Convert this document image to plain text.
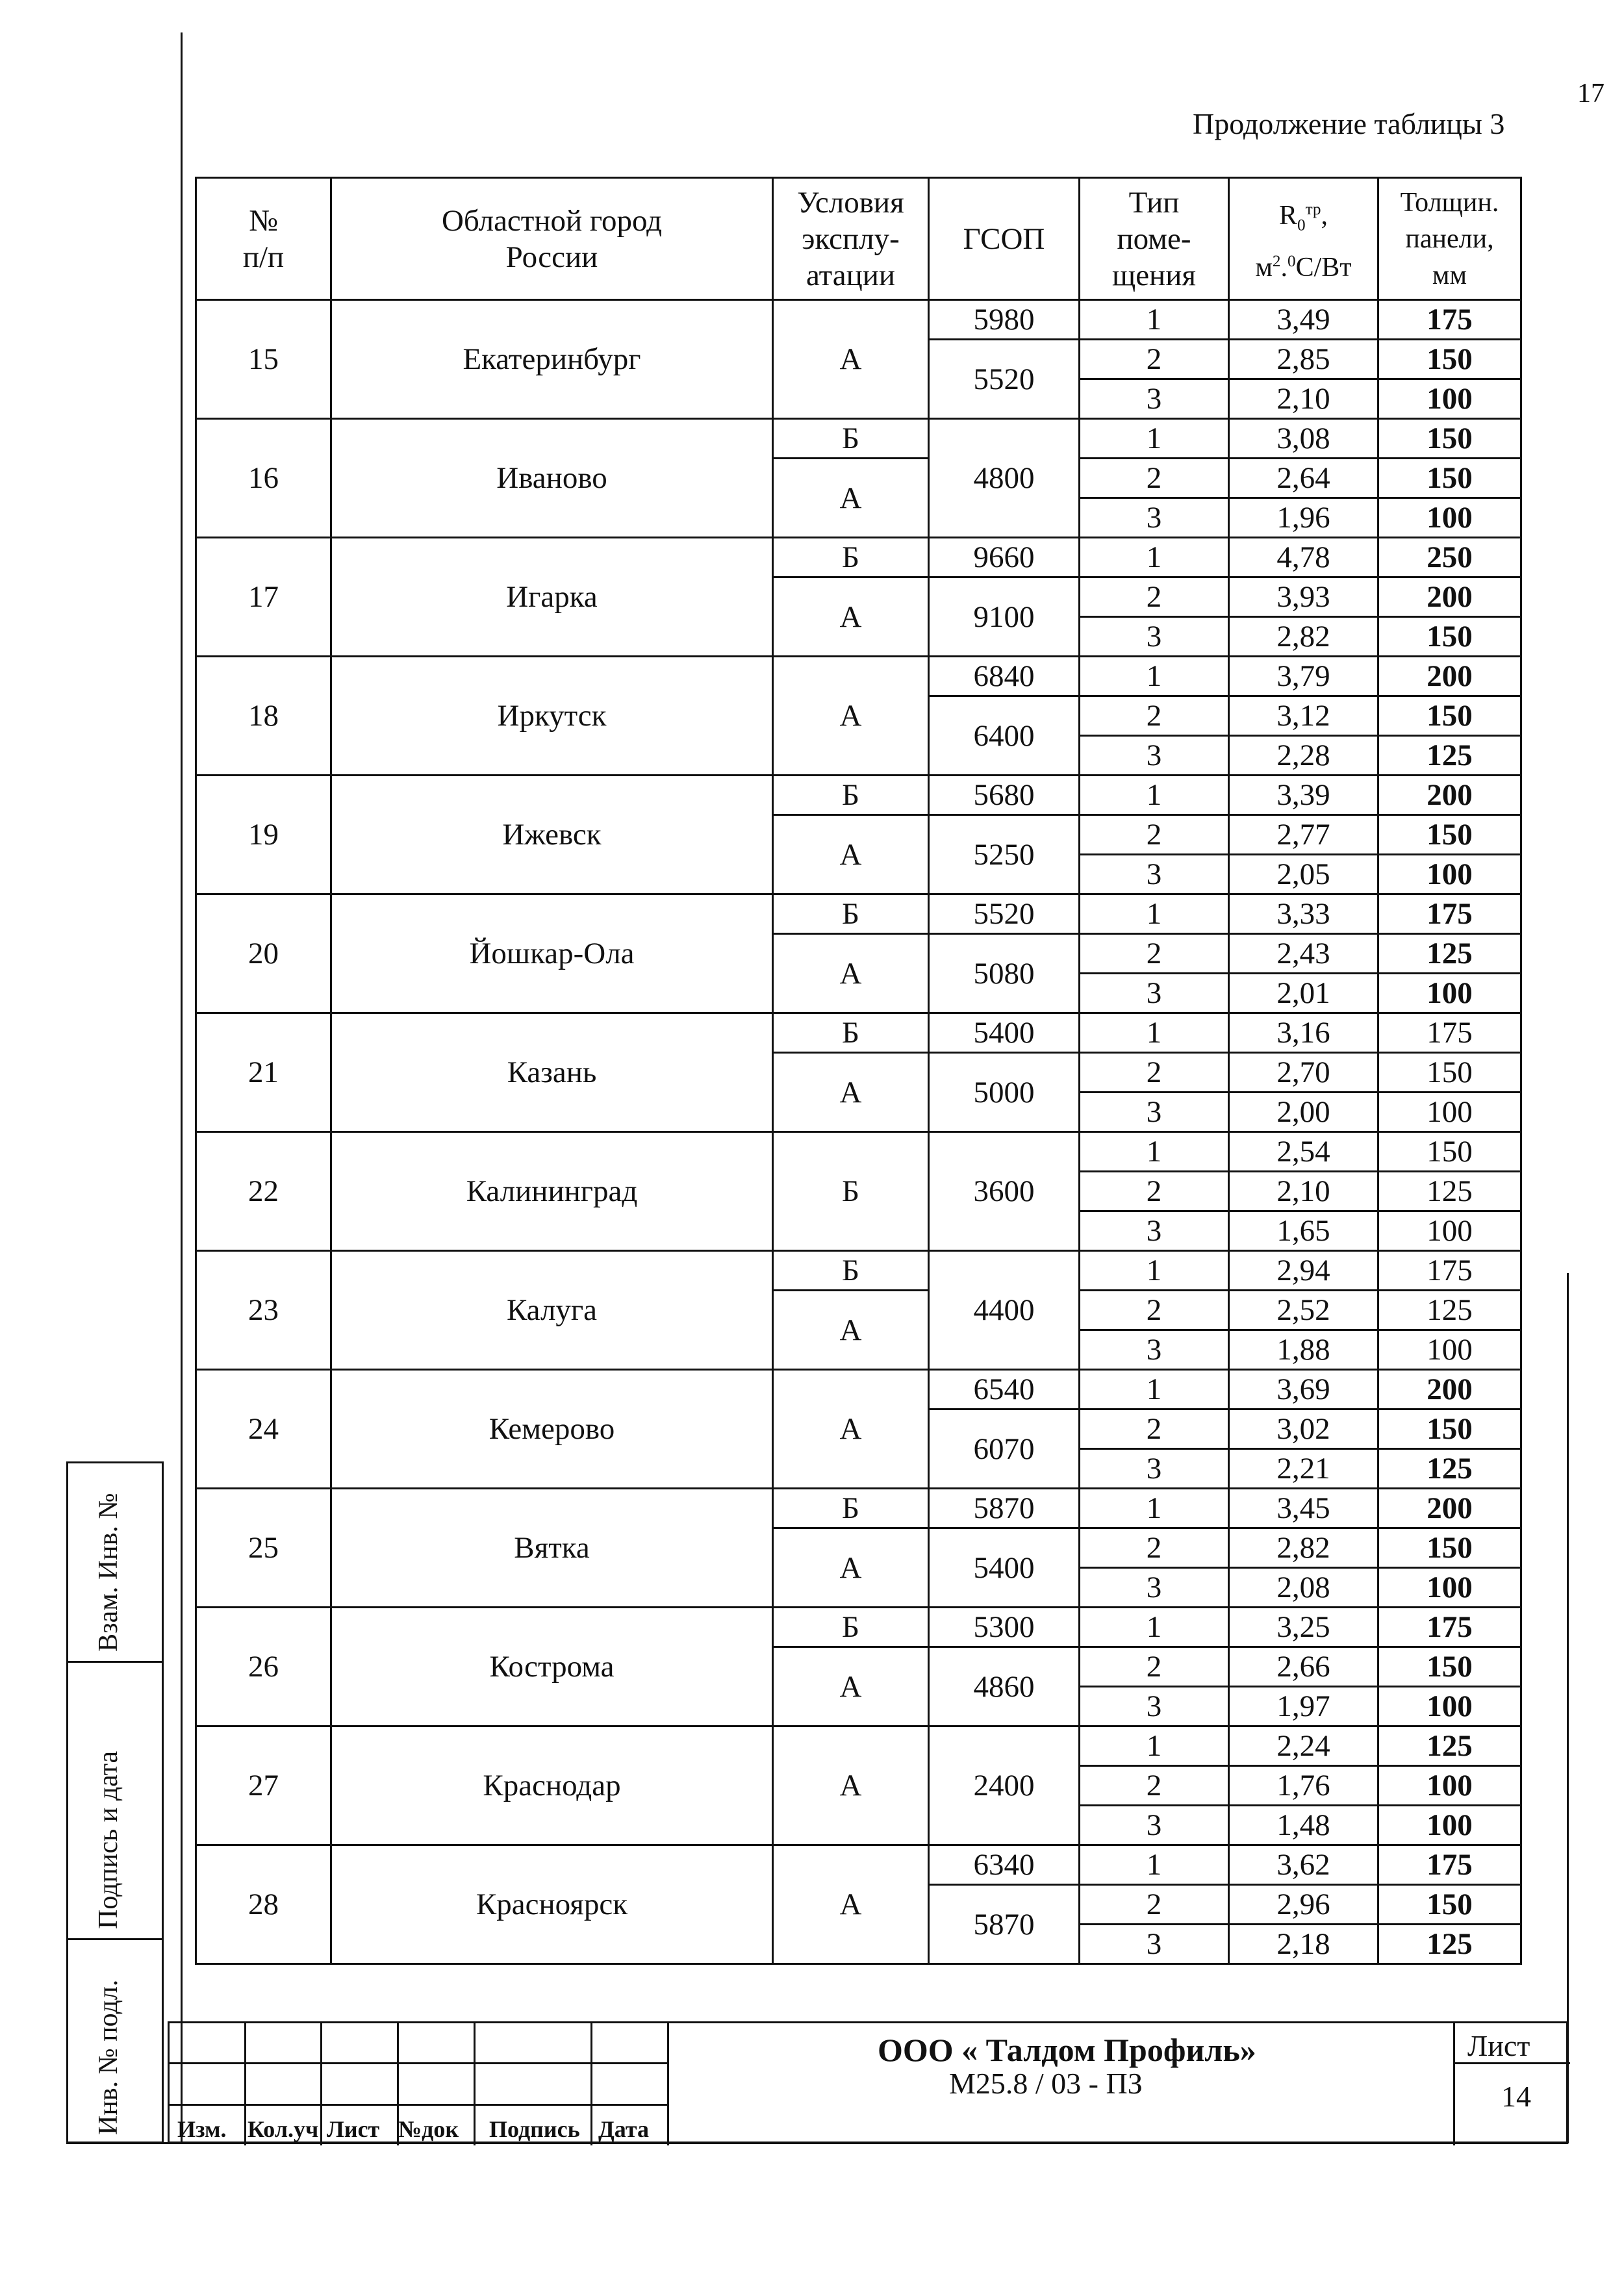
17
Продолжение таблицы 3
№
п/п	Областной город
России	Условия
эксплу-
атации	ГСОП	Тип
поме-
щения	$R_0^{тр}$,
$м^2.^0С/Вт$	Толщин.
панели,
мм
15	Екатеринбург	А	5980	1	3,49	175
			5520	2	2,85	150
				3	2,10	100
16	Иваново	Б	4800	1	3,08	150
		А		2	2,64	150
				3	1,96	100
17	Игарка	Б	9660	1	4,78	250
		А	9100	2	3,93	200
				3	2,82	150
18	Иркутск	А	6840	1	3,79	200
			6400	2	3,12	150
				3	2,28	125
19	Ижевск	Б	5680	1	3,39	200
		А	5250	2	2,77	150
				3	2,05	100
20	Йошкар-Ола	Б	5520	1	3,33	175
		А	5080	2	2,43	125
				3	2,01	100
21	Казань	Б	5400	1	3,16	175
		А	5000	2	2,70	150
				3	2,00	100
22	Калининград	Б	3600	1	2,54	150
				2	2,10	125
				3	1,65	100
23	Калуга	Б	4400	1	2,94	175
		А		2	2,52	125
				3	1,88	100
24	Кемерово	А	6540	1	3,69	200
			6070	2	3,02	150
				3	2,21	125
25	Вятка	Б	5870	1	3,45	200
		А	5400	2	2,82	150
				3	2,08	100
26	Кострома	Б	5300	1	3,25	175
		А	4860	2	2,66	150
				3	1,97	100
27	Краснодар	А	2400	1	2,24	125
				2	1,76	100
				3	1,48	100
28	Красноярск	А	6340	1	3,62	175
			5870	2	2,96	150
				3	2,18	125
Взам. Инв. №
Подпись и дата
Инв. № подл. Изм. Кол.уч Лист №док Подпись Дата
ООО « Талдом Профиль»
М25.8 / 03 - ПЗ
Лист
14
